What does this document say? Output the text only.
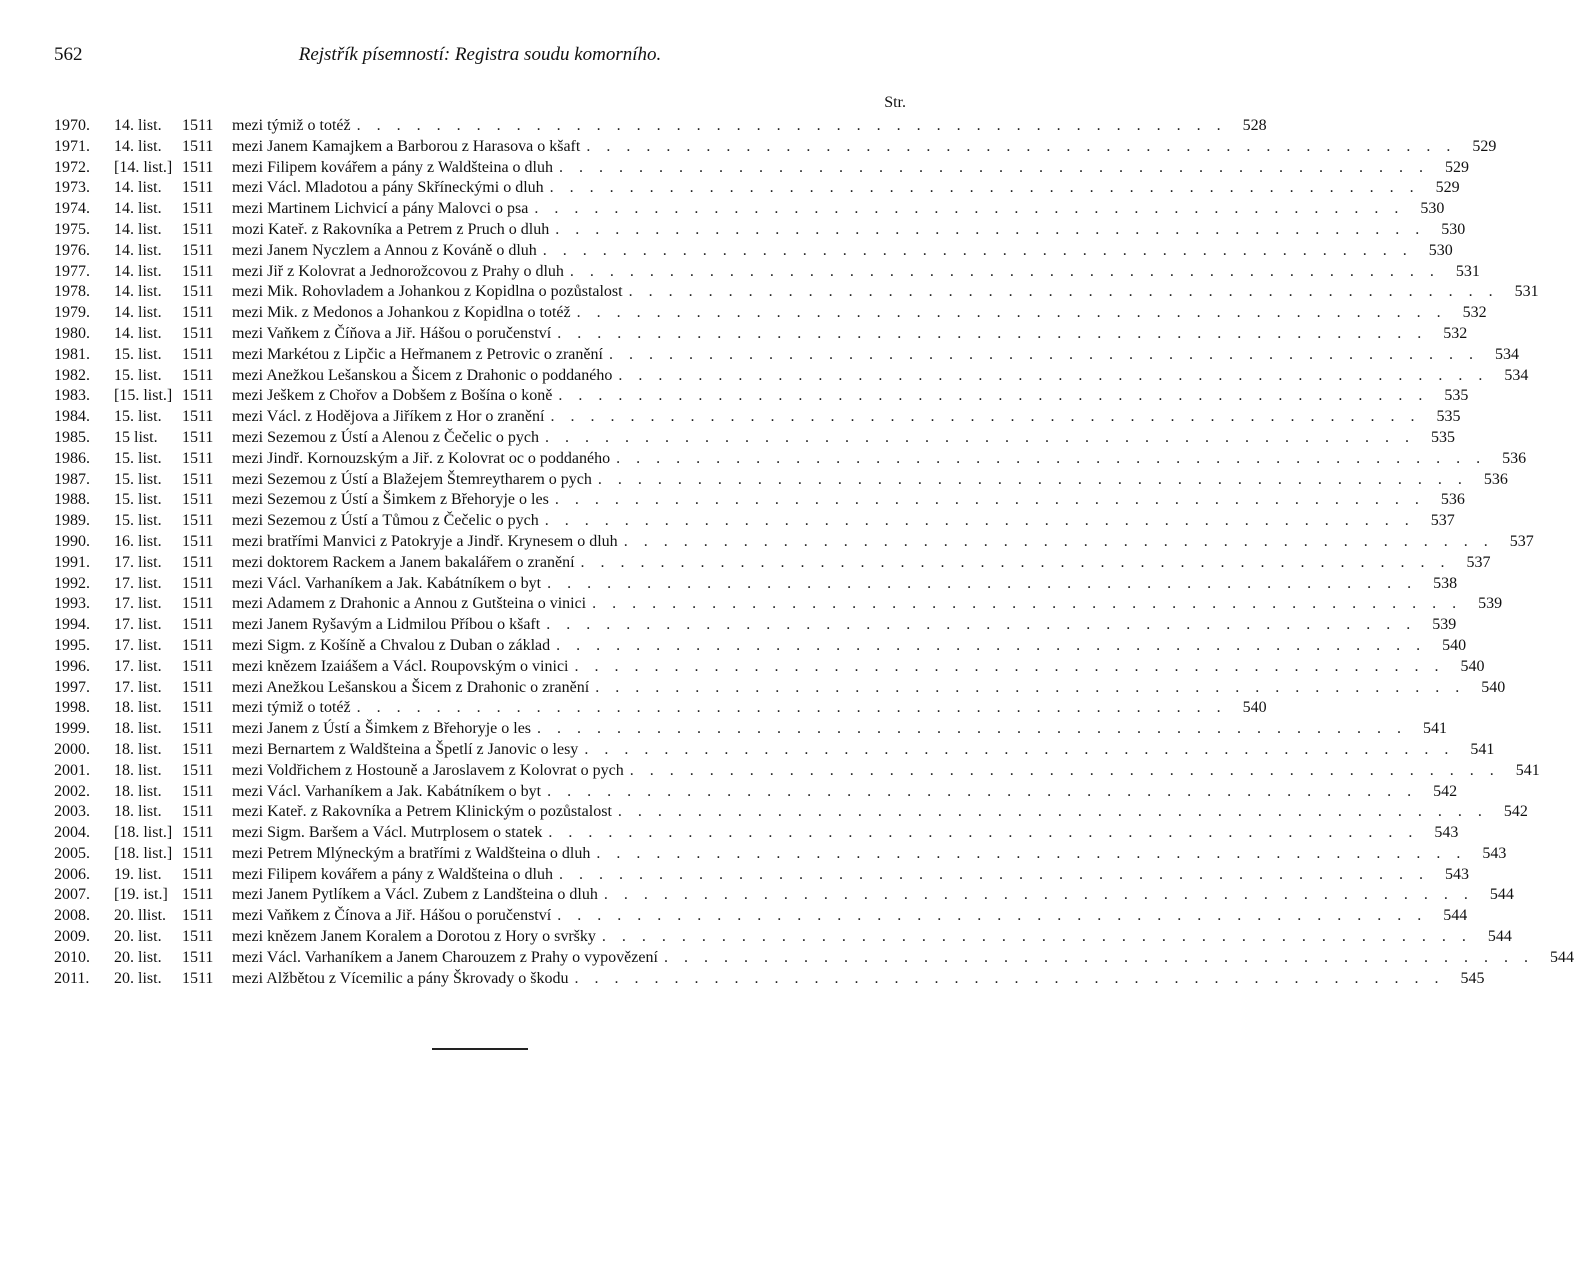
562	Rejstřík písemností: Registra soudu komorního.
Str.
1970.	14. list.	1511	mezi týmiž o totéž . . .	528
1971.	14. list.	1511	mezi Janem Kamajkem a Barborou z Harasova o kšaft . . .	529
1972.	[14. list.] 1511	mezi Filipem kovářem a pány z Waldšteina o dluh . . .	529
1973.	14. list.	1511	mezi Václ. Mladotou a pány Skříneckými o dluh . . .	529
1974.	14. list.	1511	mezi Martinem Lichvicí a pány Malovci o psa . . .	530
1975.	14. list.	1511	mozi Kateř. z Rakovníka a Petrem z Pruch o dluh . . .	530
1976.	14. list.	1511	mezi Janem Nyczlem a Annou z Kováně o dluh . . .	530
1977.	14. list.	1511	mezi Jiř z Kolovrat a Jednorožcovou z Prahy o dluh . . .	531
1978.	14. list.	1511	mezi Mik. Rohovladem a Johankou z Kopidlna o pozůstalost . . .	531
1979.	14. list.	1511	mezi Mik. z Medonos a Johankou z Kopidlna o totéž . . .	532
1980.	14. list.	1511	mezi Vaňkem z Číňova a Jiř. Hášou o poručenství . . .	532
1981.	15. list.	1511	mezi Markétou z Lipčic a Heřmanem z Petrovic o zranění . . .	534
1982.	15. list.	1511	mezi Anežkou Lešanskou a Šicem z Drahonic o poddaného . . .	534
1983.	[15. list.] 1511	mezi Ješkem z Chořov a Dobšem z Bošína o koně . . .	535
1984.	15. list.	1511	mezi Václ. z Hodějova a Jiříkem z Hor o zranění . . .	535
1985.	15 list.	1511	mezi Sezemou z Ústí a Alenou z Čečelic o pych . . .	535
1986.	15. list.	1511	mezi Jindř. Kornouzským a Jiř. z Kolovrat oc o poddaného . . .	536
1987.	15. list.	1511	mezi Sezemou z Ústí a Blažejem Štemreytharem o pych . . .	536
1988.	15. list.	1511	mezi Sezemou z Ústí a Šimkem z Břehoryje o les . . .	536
1989.	15. list.	1511	mezi Sezemou z Ústí a Tůmou z Čečelic o pych . . .	537
1990.	16. list.	1511	mezi bratřími Manvici z Patokryje a Jindř. Krynesem o dluh . . .	537
1991.	17. list.	1511	mezi doktorem Rackem a Janem bakalářem o zranění . . .	537
1992.	17. list.	1511	mezi Václ. Varhaníkem a Jak. Kabátníkem o byt . . .	538
1993.	17. list.	1511	mezi Adamem z Drahonic a Annou z Gutšteina o vinici . . .	539
1994.	17. list.	1511	mezi Janem Ryšavým a Lidmilou Příbou o kšaft . . .	539
1995.	17. list.	1511	mezi Sigm. z Košíně a Chvalou z Duban o základ . . .	540
1996.	17. list.	1511	mezi knězem Izaiášem a Václ. Roupovským o vinici . . .	540
1997.	17. list.	1511	mezi Anežkou Lešanskou a Šicem z Drahonic o zranění . . .	540
1998.	18. list.	1511	mezi týmiž o totéž . . .	540
1999.	18. list.	1511	mezi Janem z Ústí a Šimkem z Břehoryje o les . . .	541
2000.	18. list.	1511	mezi Bernartem z Waldšteina a Špetlí z Janovic o lesy . . .	541
2001.	18. list.	1511	mezi Voldřichem z Hostouně a Jaroslavem z Kolovrat o pych . . .	541
2002.	18. list.	1511	mezi Václ. Varhaníkem a Jak. Kabátníkem o byt . . .	542
2003.	18. list.	1511	mezi Kateř. z Rakovníka a Petrem Klinickým o pozůstalost . . .	542
2004.	[18. list.] 1511	mezi Sigm. Baršem a Václ. Mutrplosem o statek . . .	543
2005.	[18. list.] 1511	mezi Petrem Mlýneckým a bratřími z Waldšteina o dluh . . .	543
2006.	19. list.	1511	mezi Filipem kovářem a pány z Waldšteina o dluh . . .	543
2007.	[19. ist.] 1511	mezi Janem Pytlíkem a Václ. Zubem z Landšteina o dluh . . .	544
2008.	20. llist. 1511	mezi Vaňkem z Čínova a Jiř. Hášou o poručenství . . .	544
2009.	20. list.	1511	mezi knězem Janem Koralem a Dorotou z Hory o svršky . . .	544
2010.	20. list.	1511	mezi Václ. Varhaníkem a Janem Charouzem z Prahy o vypovězení . . .	544
2011.	20. list.	1511	mezi Alžbětou z Vícemilic a pány Škrovady o škodu . . .	545
